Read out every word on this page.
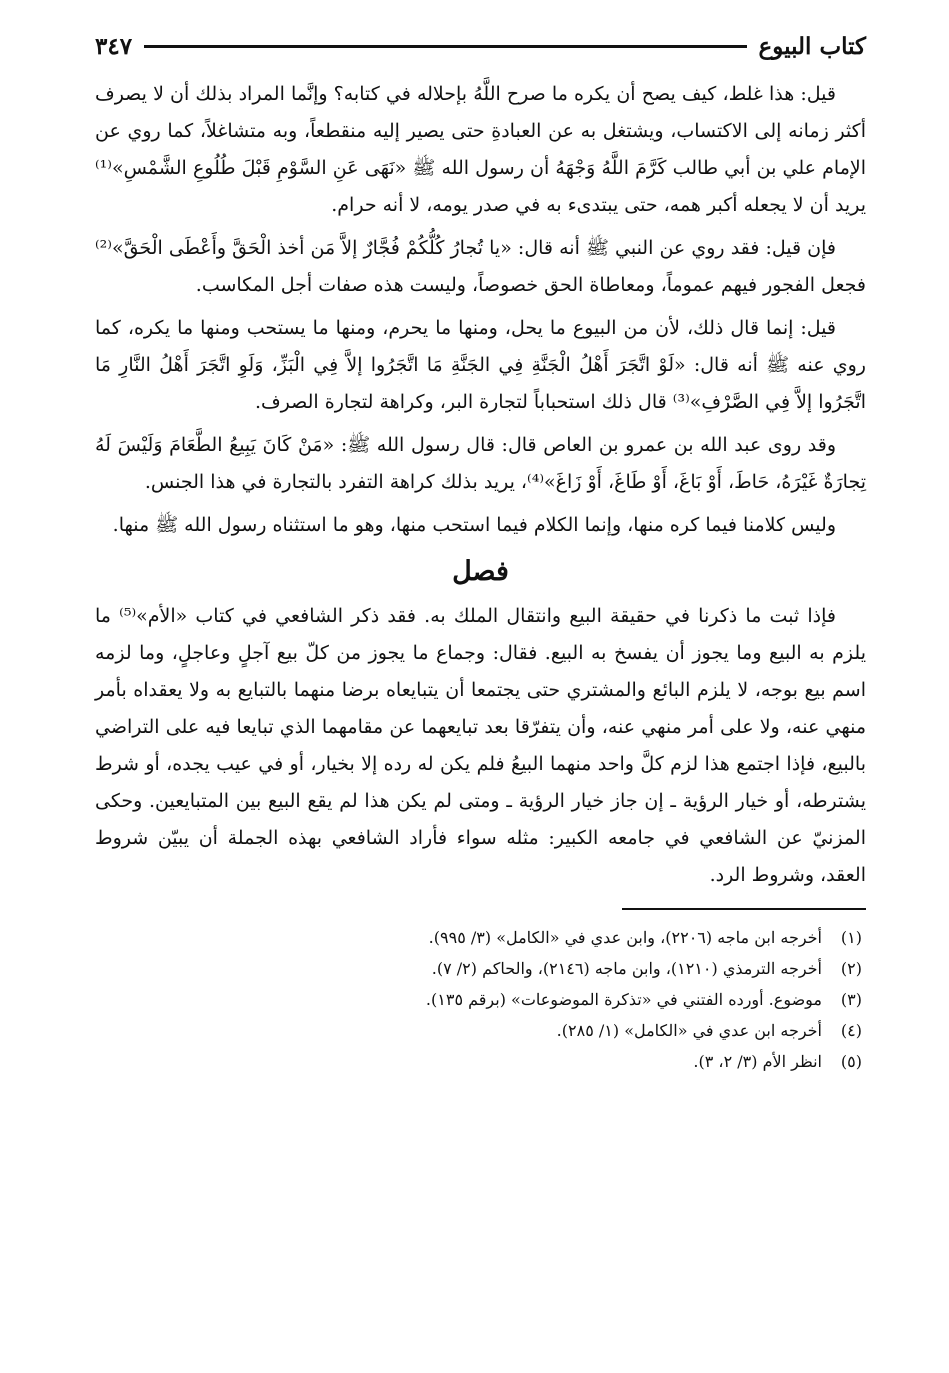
كتاب البيوع
٣٤٧

قيل: هذا غلط، كيف يصح أن يكره ما صرح اللَّهُ بإحلاله في كتابه؟ وإنَّما المراد بذلك أن لا يصرف أكثر زمانه إلى الاكتساب، ويشتغل به عن العبادةِ حتى يصير إليه منقطعاً، وبه متشاغلاً، كما روي عن الإمام علي بن أبي طالب كَرَّمَ اللَّهُ وَجْهَهُ أن رسول الله ﷺ «نَهَى عَنِ السَّوْمِ قَبْلَ طُلُوعِ الشَّمْسِ»⁽¹⁾ يريد أن لا يجعله أكبر همه، حتى يبتدىء به في صدر يومه، لا أنه حرام.

فإن قيل: فقد روي عن النبي ﷺ أنه قال: «يا تُجارُ كُلُّكُمْ فُجَّارٌ إلاَّ مَن أخذ الْحَقَّ وأَعْطَى الْحَقَّ»⁽²⁾ فجعل الفجور فيهم عموماً، ومعاطاة الحق خصوصاً، وليست هذه صفات أجل المكاسب.

قيل: إنما قال ذلك، لأن من البيوع ما يحل، ومنها ما يحرم، ومنها ما يستحب ومنها ما يكره، كما روي عنه ﷺ أنه قال: «لَوْ اتَّجَرَ أَهْلُ الْجَنَّةِ فِي الجَنَّةِ مَا اتَّجَرُوا إلاَّ فِي الْبَزِّ، وَلَوِ اتَّجَرَ أَهْلُ النَّارِ مَا اتَّجَرُوا إلاَّ فِي الصَّرْفِ»⁽³⁾ قال ذلك استحباباً لتجارة البر، وكراهة لتجارة الصرف.

وقد روى عبد الله بن عمرو بن العاص قال: قال رسول الله ﷺ: «مَنْ كَانَ يَبِيعُ الطَّعَامَ وَلَيْسَ لَهُ تِجارَةٌ غَيْرَهُ، حَاطَ، أَوْ بَاغَ، أَوْ طَاغَ، أَوْ زَاغَ»⁽⁴⁾، يريد بذلك كراهة التفرد بالتجارة في هذا الجنس.

وليس كلامنا فيما كره منها، وإنما الكلام فيما استحب منها، وهو ما استثناه رسول الله ﷺ منها.

فصل

فإذا ثبت ما ذكرنا في حقيقة البيع وانتقال الملك به. فقد ذكر الشافعي في كتاب «الأم»⁽⁵⁾ ما يلزم به البيع وما يجوز أن يفسخ به البيع. فقال: وجماع ما يجوز من كلّ بيع آجلٍ وعاجلٍ، وما لزمه اسم بيع بوجه، لا يلزم البائع والمشتري حتى يجتمعا أن يتبايعاه برضا منهما بالتبايع به ولا يعقداه بأمر منهي عنه، ولا على أمر منهي عنه، وأن يتفرّقا بعد تبايعهما عن مقامهما الذي تبايعا فيه على التراضي بالبيع، فإذا اجتمع هذا لزم كلَّ واحد منهما البيعُ فلم يكن له رده إلا بخيار، أو في عيب يجده، أو شرط يشترطه، أو خيار الرؤية ـ إن جاز خيار الرؤية ـ ومتى لم يكن هذا لم يقع البيع بين المتبايعين. وحكى المزنيّ عن الشافعي في جامعه الكبير: مثله سواء فأراد الشافعي بهذه الجملة أن يبيّن شروط العقد، وشروط الرد.

(١)
أخرجه ابن ماجه (٢٢٠٦)، وابن عدي في «الكامل» (٣/ ٩٩٥).
(٢)
أخرجه الترمذي (١٢١٠)، وابن ماجه (٢١٤٦)، والحاكم (٢/ ٧).
(٣)
موضوع. أورده الفتني في «تذكرة الموضوعات» (برقم ١٣٥).
(٤)
أخرجه ابن عدي في «الكامل» (١/ ٢٨٥).
(٥)
انظر الأم (٣/ ٢، ٣).
